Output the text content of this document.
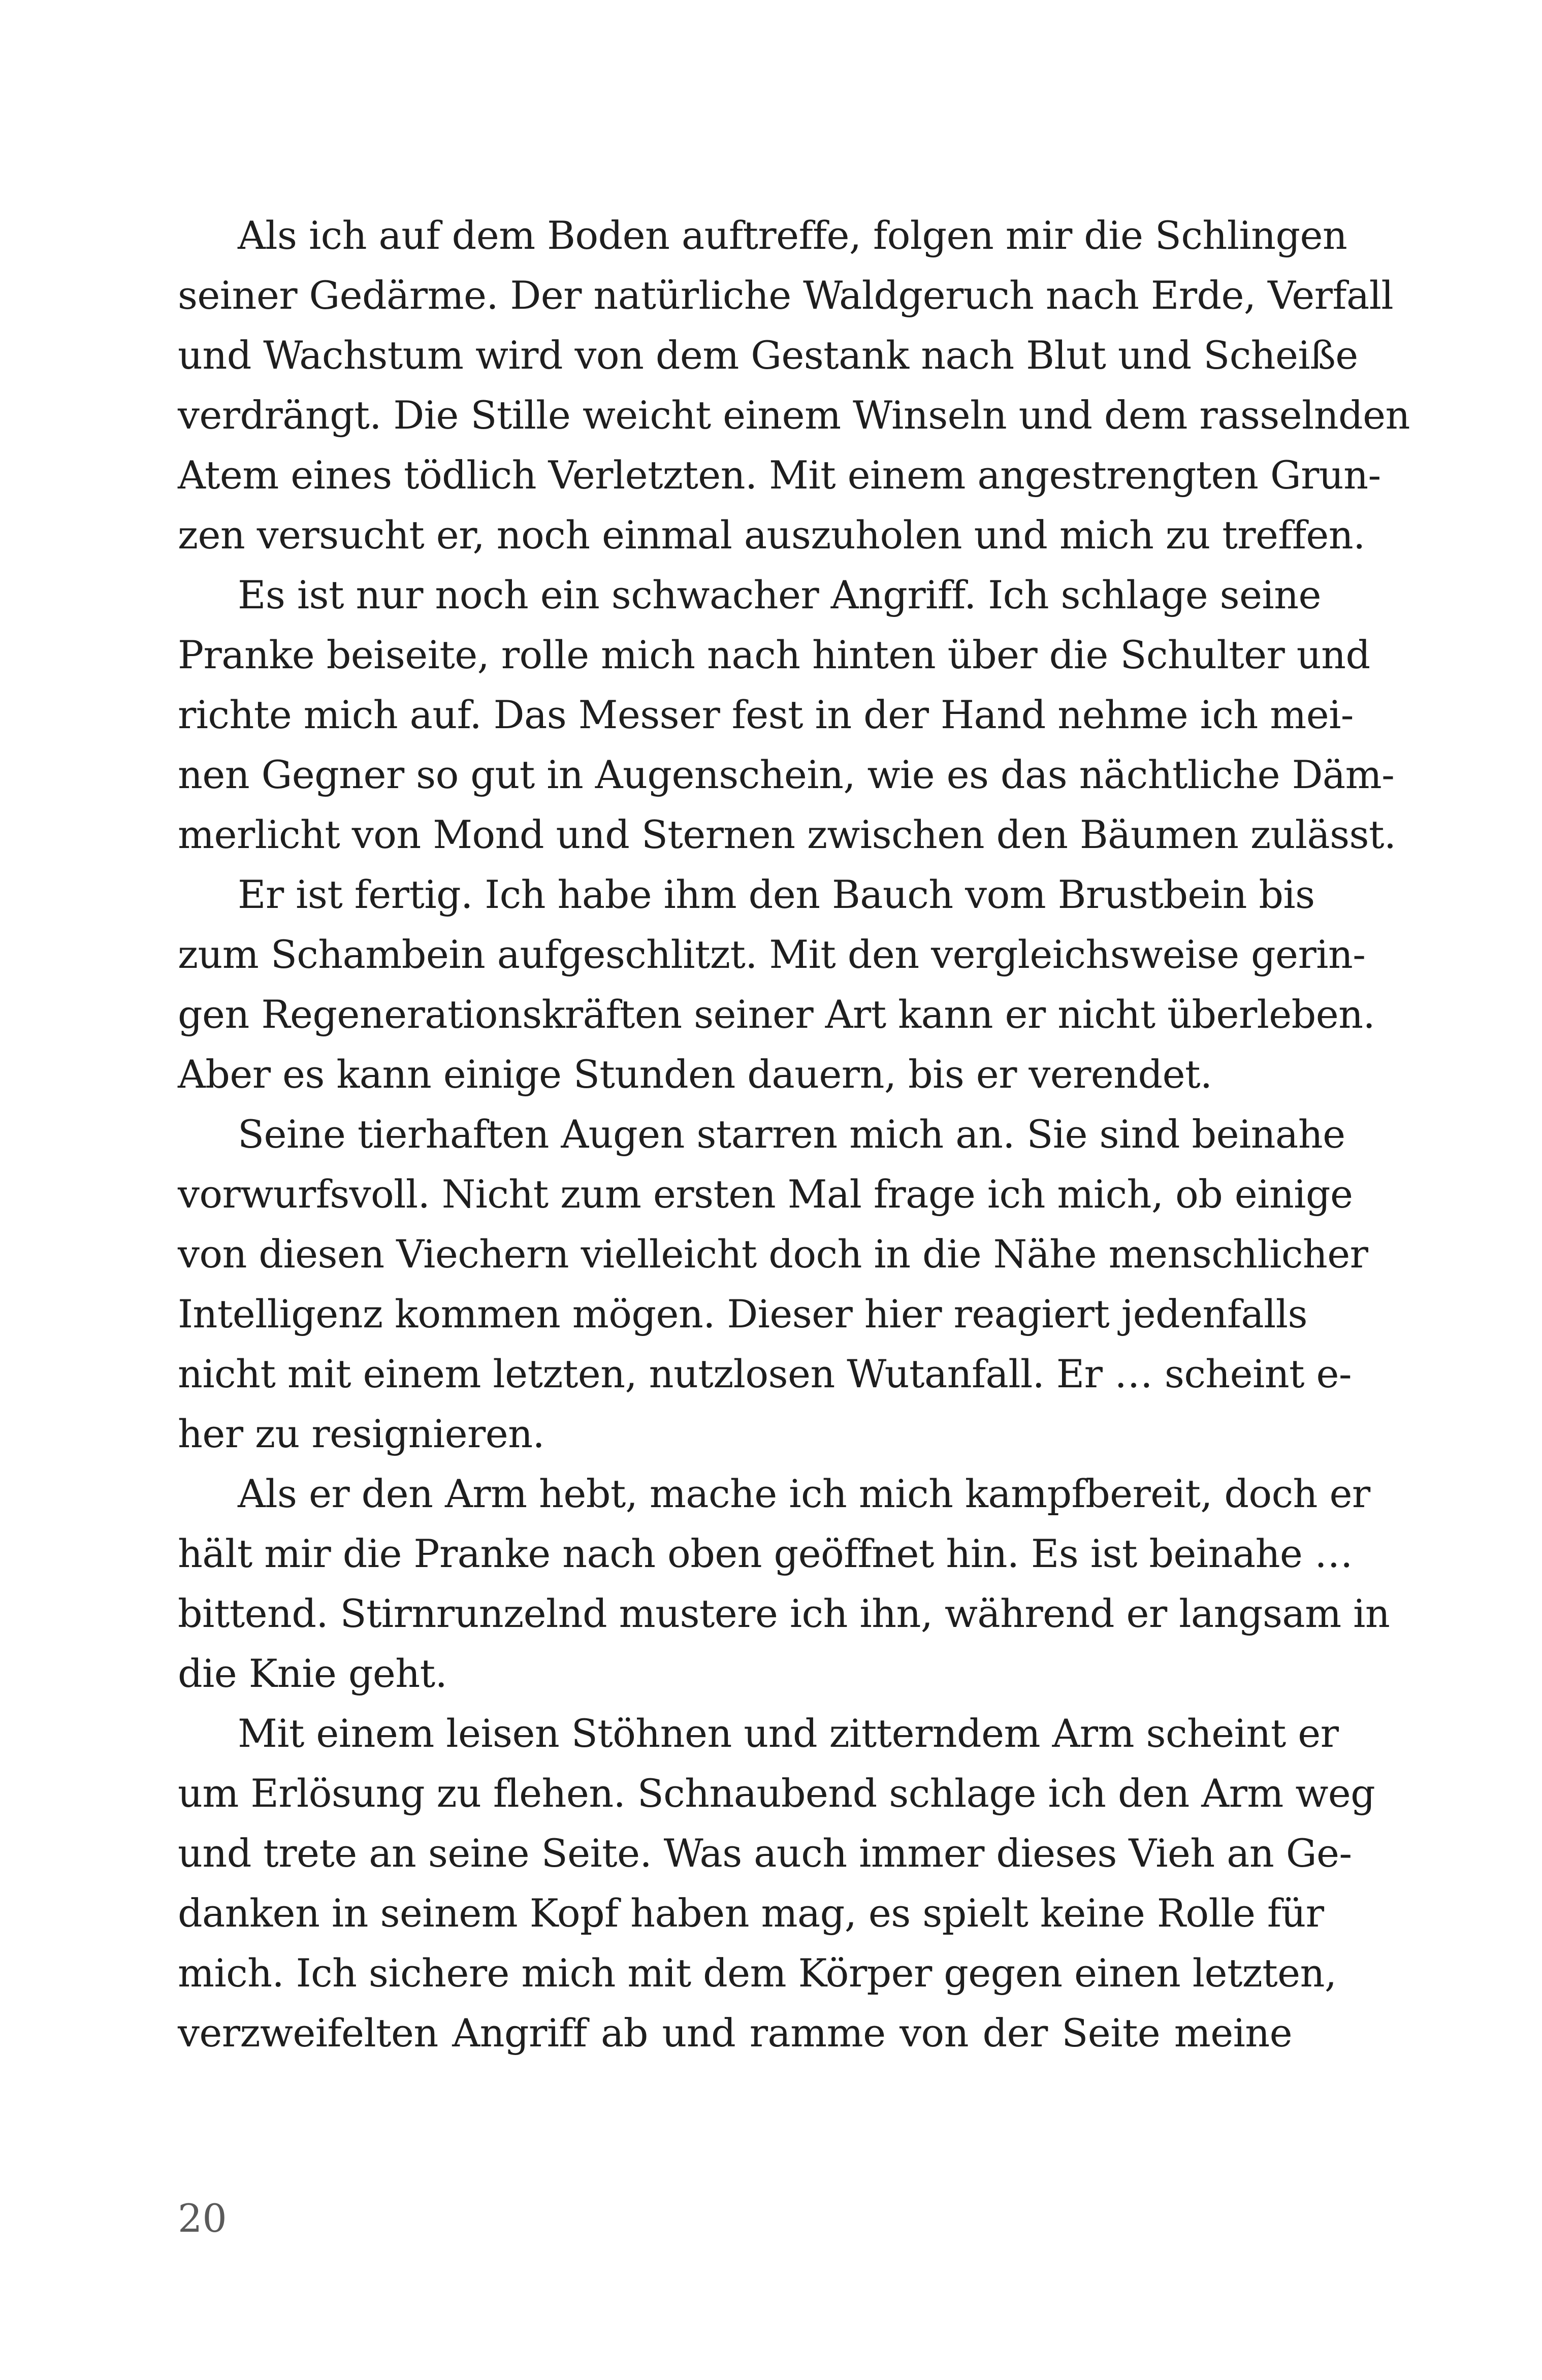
Als ich auf dem Boden auftreffe, folgen mir die Schlingen
seiner Gedärme. Der natürliche Waldgeruch nach Erde, Verfall
und Wachstum wird von dem Gestank nach Blut und Scheiße
verdrängt. Die Stille weicht einem Winseln und dem rasselnden
Atem eines tödlich Verletzten. Mit einem angestrengten Grun-
zen versucht er, noch einmal auszuholen und mich zu treffen.
Es ist nur noch ein schwacher Angriff. Ich schlage seine
Pranke beiseite, rolle mich nach hinten über die Schulter und
richte mich auf. Das Messer fest in der Hand nehme ich mei-
nen Gegner so gut in Augenschein, wie es das nächtliche Däm-
merlicht von Mond und Sternen zwischen den Bäumen zulässt.
Er ist fertig. Ich habe ihm den Bauch vom Brustbein bis
zum Schambein aufgeschlitzt. Mit den vergleichsweise gerin-
gen Regenerationskräften seiner Art kann er nicht überleben.
Aber es kann einige Stunden dauern, bis er verendet.
Seine tierhaften Augen starren mich an. Sie sind beinahe
vorwurfsvoll. Nicht zum ersten Mal frage ich mich, ob einige
von diesen Viechern vielleicht doch in die Nähe menschlicher
Intelligenz kommen mögen. Dieser hier reagiert jedenfalls
nicht mit einem letzten, nutzlosen Wutanfall. Er … scheint e-
her zu resignieren.
Als er den Arm hebt, mache ich mich kampfbereit, doch er
hält mir die Pranke nach oben geöffnet hin. Es ist beinahe …
bittend. Stirnrunzelnd mustere ich ihn, während er langsam in
die Knie geht.
Mit einem leisen Stöhnen und zitterndem Arm scheint er
um Erlösung zu flehen. Schnaubend schlage ich den Arm weg
und trete an seine Seite. Was auch immer dieses Vieh an Ge-
danken in seinem Kopf haben mag, es spielt keine Rolle für
mich. Ich sichere mich mit dem Körper gegen einen letzten,
verzweifelten Angriff ab und ramme von der Seite meine
20
